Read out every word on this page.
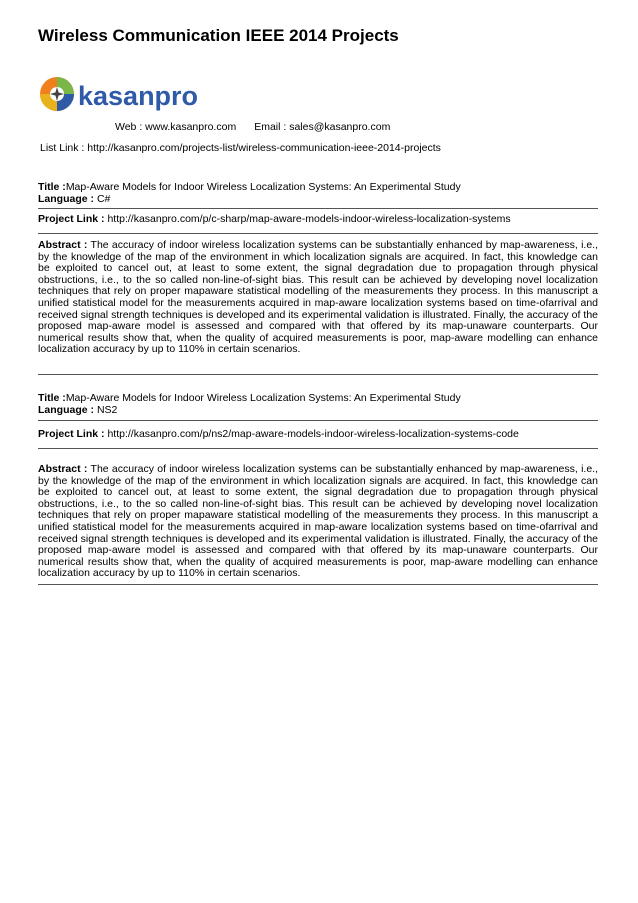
Wireless Communication IEEE 2014 Projects
kasanpro
Web : www.kasanpro.com Email : sales@kasanpro.com
List Link : http://kasanpro.com/projects-list/wireless-communication-ieee-2014-projects
Title :Map-Aware Models for Indoor Wireless Localization Systems: An Experimental Study
Language : C#
Project Link : http://kasanpro.com/p/c-sharp/map-aware-models-indoor-wireless-localization-systems
Abstract : The accuracy of indoor wireless localization systems can be substantially enhanced by map-awareness, i.e., by the knowledge of the map of the environment in which localization signals are acquired. In fact, this knowledge can be exploited to cancel out, at least to some extent, the signal degradation due to propagation through physical obstructions, i.e., to the so called non-line-of-sight bias. This result can be achieved by developing novel localization techniques that rely on proper mapaware statistical modelling of the measurements they process. In this manuscript a unified statistical model for the measurements acquired in map-aware localization systems based on time-ofarrival and received signal strength techniques is developed and its experimental validation is illustrated. Finally, the accuracy of the proposed map-aware model is assessed and compared with that offered by its map-unaware counterparts. Our numerical results show that, when the quality of acquired measurements is poor, map-aware modelling can enhance localization accuracy by up to 110% in certain scenarios.
Title :Map-Aware Models for Indoor Wireless Localization Systems: An Experimental Study
Language : NS2
Project Link : http://kasanpro.com/p/ns2/map-aware-models-indoor-wireless-localization-systems-code
Abstract : The accuracy of indoor wireless localization systems can be substantially enhanced by map-awareness, i.e., by the knowledge of the map of the environment in which localization signals are acquired. In fact, this knowledge can be exploited to cancel out, at least to some extent, the signal degradation due to propagation through physical obstructions, i.e., to the so called non-line-of-sight bias. This result can be achieved by developing novel localization techniques that rely on proper mapaware statistical modelling of the measurements they process. In this manuscript a unified statistical model for the measurements acquired in map-aware localization systems based on time-ofarrival and received signal strength techniques is developed and its experimental validation is illustrated. Finally, the accuracy of the proposed map-aware model is assessed and compared with that offered by its map-unaware counterparts. Our numerical results show that, when the quality of acquired measurements is poor, map-aware modelling can enhance localization accuracy by up to 110% in certain scenarios.
